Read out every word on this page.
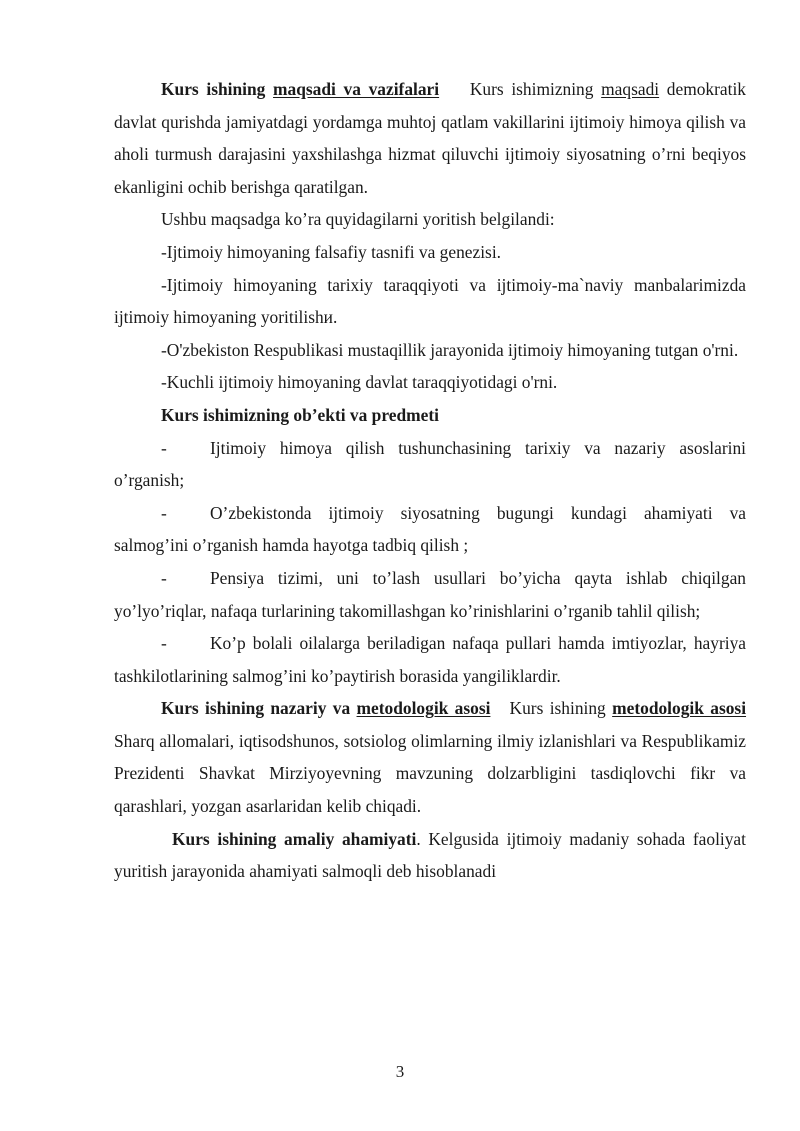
Kurs ishining maqsadi va vazifalari    Kurs ishimizning maqsadi demokratik davlat qurishda jamiyatdagi yordamga muhtoj qatlam vakillarini ijtimoiy himoya qilish va aholi turmush darajasini yaxshilashga hizmat qiluvchi ijtimoiy siyosatning o’rni beqiyos ekanligini ochib berishga qaratilgan.

Ushbu maqsadga ko’ra quyidagilarni yoritish belgilandi:

-Ijtimoiy himoyaning falsafiy tasnifi va genezisi.

-Ijtimoiy himoyaning tarixiy taraqqiyoti va ijtimoiy-ma`naviy manbalarimizda ijtimoiy himoyaning yoritilishи.

-O'zbekiston Respublikasi mustaqillik jarayonida ijtimoiy himoyaning tutgan o'rni.

-Kuchli ijtimoiy himoyaning davlat taraqqiyotidagi o'rni.

Kurs ishimizning ob’ekti va predmeti

- Ijtimoiy himoya qilish tushunchasining tarixiy va nazariy asoslarini o’rganish;

- O’zbekistonda ijtimoiy siyosatning bugungi kundagi ahamiyati va salmog’ini o’rganish hamda hayotga tadbiq qilish ;

- Pensiya tizimi, uni to’lash usullari bo’yicha qayta ishlab chiqilgan yo’lyo’riqlar, nafaqa turlarining takomillashgan ko’rinishlarini o’rganib tahlil qilish;

- Ko’p bolali oilalarga beriladigan nafaqa pullari hamda imtiyozlar, hayriya tashkilotlarining salmog’ini ko’paytirish borasida yangiliklardir.

Kurs ishining nazariy va metodologik asosi   Kurs ishining metodologik asosi Sharq allomalari, iqtisodshunos, sotsiolog olimlarning ilmiy izlanishlari va Respublikamiz Prezidenti Shavkat Mirziyoyevning mavzuning dolzarbligini tasdiqlovchi fikr va qarashlari, yozgan asarlaridan kelib chiqadi.

Kurs ishining amaliy ahamiyati. Kelgusida ijtimoiy madaniy sohada faoliyat yuritish jarayonida ahamiyati salmoqli deb hisoblanadi

3
